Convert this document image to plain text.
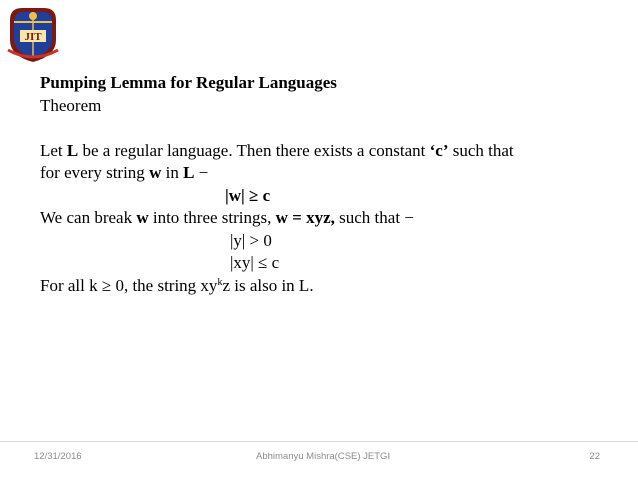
JIT
Pumping Lemma for Regular Languages
Theorem
Let L be a regular language. Then there exists a constant ‘c’ such that
for every string w in L −
|w| ≥ c
We can break w into three strings, w = xyz, such that −
|y| > 0
|xy| ≤ c
For all k ≥ 0, the string $xy^kz$ is also in L.
12/31/2016	Abhimanyu Mishra(CSE) JETGI	22
